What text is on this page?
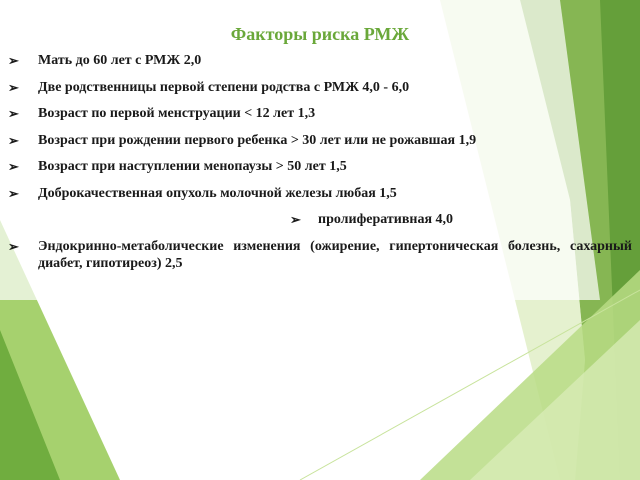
Факторы риска РМЖ
➢ Мать до 60 лет с РМЖ 2,0
➢ Две родственницы первой степени родства с РМЖ 4,0 - 6,0
➢ Возраст по первой менструации < 12 лет 1,3
➢ Возраст при рождении первого ребенка > 30 лет или не рожавшая 1,9
➢ Возраст при наступлении менопаузы > 50 лет 1,5
➢ Доброкачественная опухоль молочной железы любая 1,5
➢ пролиферативная 4,0
➢ Эндокринно-метаболические изменения (ожирение, гипертоническая болезнь, сахарный диабет, гипотиреоз) 2,5
